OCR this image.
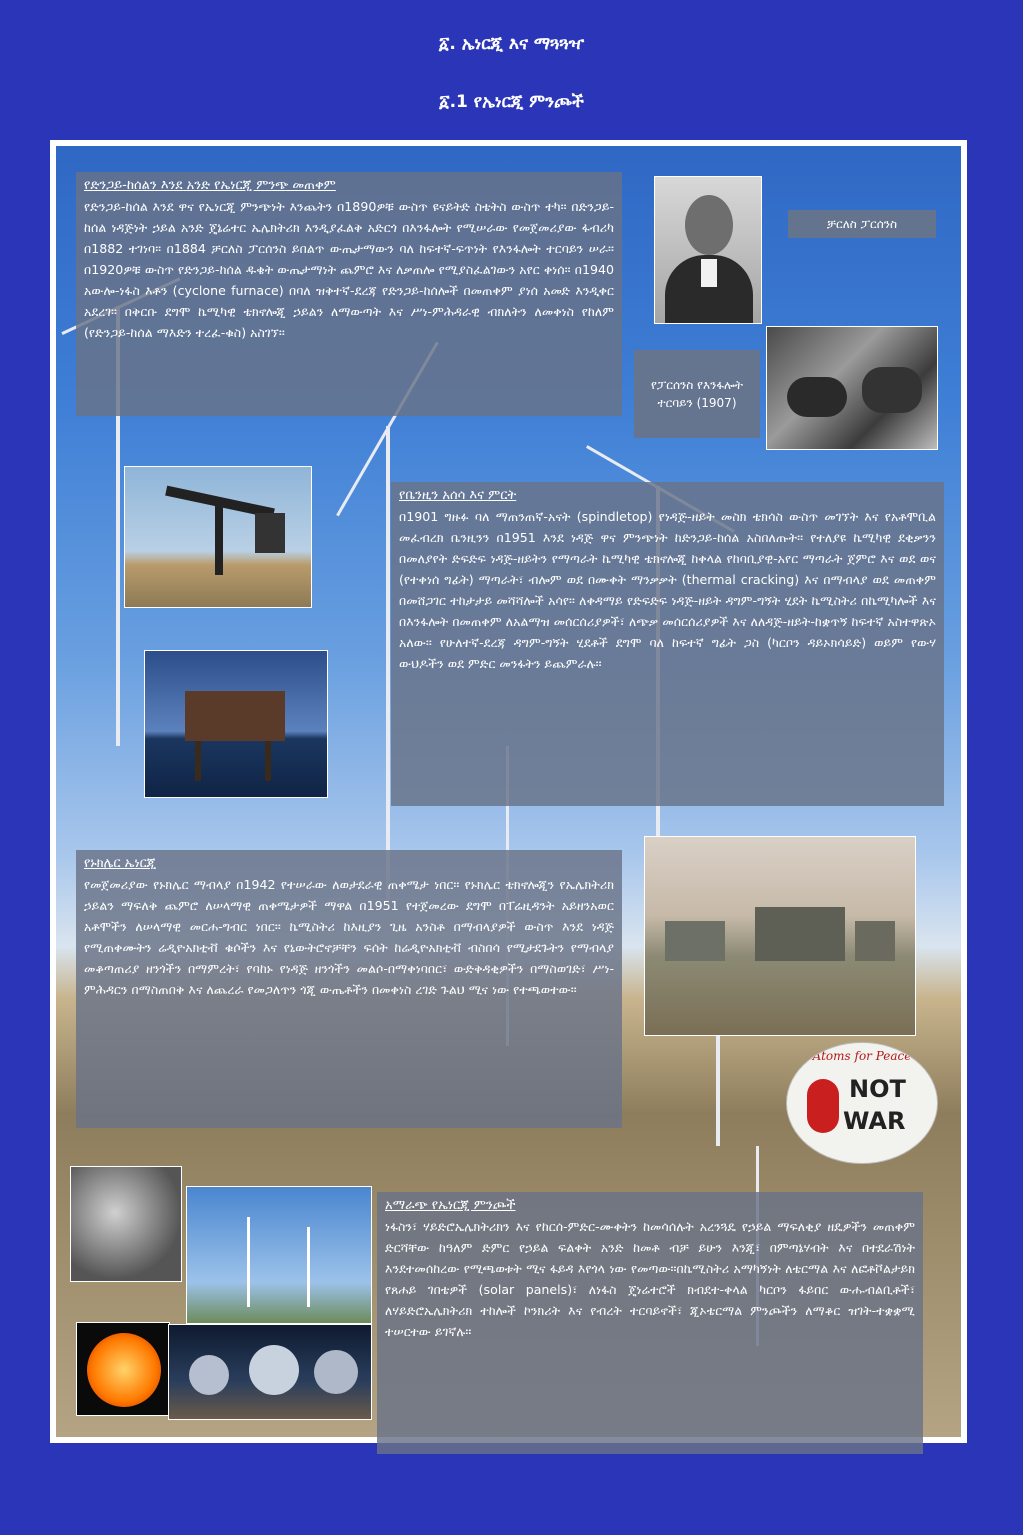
፩. ኤነርጂ እና ማጓጓዣ
፩.1 የኤነርጂ ምንጮች
የድንጋይ-ከሰልን እንደ አንድ የኤነርጂ ምንጭ መጠቀም

የድንጋይ-ከሰል እንደ ዋና የኤነርጂ ምንጭነት እንጨትን በ1890ዎቹ ውስጥ ዩናይትድ ስቴትስ ውስጥ ተካ፡፡ በድንጋይ-ከሰል ነዳጅነት ኃይል አንድ ጄኔሬተር ኤሌክትሪክ እንዲያፈልቅ አድርጎ በእንፋሎት የሚሠራው የመጀመሪያው ፋብሪካ በ1882 ተገነባ፡፡ በ1884 ቻርለስ ፓርሰንስ ይበልጥ ውጤታማውን ባለ ከፍተኛ-ፍጥነት የእንፋሎት ተርባይን ሠራ፡፡ በ1920ዎቹ ውስጥ የድንጋይ-ከሰል ዱቄት ውጤታማነት ጨምሮ እና ለቃጠሎ የሚያስፈልገውን አየር ቀነሰ፡፡ በ1940 አውሎ-ነፋስ እቶን (cyclone furnace) በባለ ዝቅተኛ-ደረጃ የድንጋይ-ከሰሎች በመጠቀም ያነሰ አመድ እንዲቀር አደረገ፡፡ በቅርቡ ደግሞ ኬሚካዊ ቴክኖሎጂ ኃይልን ለማውጣት እና ሥነ-ምሕዳራዊ ብክለትን ለመቀነስ የከለም (የድንጋይ-ከሰል ማእድን ተረፈ-ቁስ) አስገኘ፡፡

ቻርለስ ፓርሰንስ
የፓርሰንስ የእንፋሎት ተርባይን (1907)
የቤንዚን አሰሳ እና ምርት

በ1901 ግዙፉ ባለ ማጠንጠኛ-አናት (spindletop) የነዳጅ-ዘይት መስክ ቴክሳስ ውስጥ መገኘት እና የአቶሞቢል መፈብረክ ቤንዚንን በ1951 እንደ ነዳጅ ዋና ምንጭነት ከድንጋይ-ከሰል አስበለጡት፡፡ የተለያዩ ኬሚካዊ ደቂቃንን በመለያየት ድፍድፍ ነዳጅ-ዘይትን የማጣራት ኬሚካዊ ቴክኖሎጂ ከቀላል የከባቢያዊ-አየር ማጣራት ጀምሮ እና ወደ ወና (የተቀነሰ ግፊት) ማጣራት፣ ብሎም ወደ በሙቀት ማንቃቃት (thermal cracking) እና በማብላያ ወደ መጠቀም በመሸጋገር ተከታታይ መሻሻሎች አሳየ፡፡ ለቀዳማይ የድፍድፍ ነዳጅ-ዘይት ዳግም-ግኝት ሂደት ኬሚስትሪ በኬሚካሎች እና በእንፋሎት በመጠቀም ለአልማዝ መሰርሰሪያዎች፣ ለጭቃ መሰርሰሪያዎች እና ለለዳጅ-ዘይት-ከቋጥኝ ከፍተኛ አስተዋጽኦ አለው፡፡ የሁለተኛ-ደረጃ ዳግም-ግኝት ሂደቶች ደግሞ ባለ ከፍተኛ ግፊት ጋስ (ካርቦን ዳይኦክሳይድ) ወይም የውሃ ውህዶችን ወደ ምድር መንፋትን ይጨምራሉ፡፡

የኑክሌር ኤነርጂ

የመጀመሪያው የኑክሌር ማብላያ በ1942 የተሠራው ለወታደራዊ ጠቀሜታ ነበር፡፡ የኑክሌር ቴክኖሎጂን የኤሌክትሪክ ኃይልን ማፍለቅ ጨምሮ ለሠላማዊ ጠቀሜታዎች ማዋል በ1951 የተጀመረው ደግሞ በፐሬዚዳንት አይዘንአወር አቶሞችን ለሠላማዊ መርሐ-ግብር ነበር፡፡ ኬሚስትሪ ከእዚያን ጊዜ አንስቶ በማብላያዎች ውስጥ እንደ ነዳጅ የሚጠቀሙትን ሬዲዮአክቲቭ ቁሶችን እና የኒውትሮኖቻቸን ፍሰት ከሬዲዮአክቲቭ ብስበሳ የሚታደጉትን የማብላያ መቆጣጠሪያ ዘንጎችን በማምረት፣ የባከኑ የነዳጅ ዘንጎችን መልሶ-በማቀነባበር፣ ውድቅዳቂዎችን በማስወገድ፣ ሥነ-ምሕዳርን በማስጠበቅ እና ለጨረራ የመጋለጥን ጎጂ ውጤቶችን በመቀነስ ረገድ ጉልህ ሚና ነው የተጫወተው፡፡

Atoms for Peace
NOT
WAR
አማራጭ የኤነርጂ ምንጮች

ነፋስን፣ ሃይድሮኤሌክትሪክን እና የከርሰ-ምድር-ሙቀትን ከመሳሰሉት አረንጓዴ የኃይል ማፍለቂያ ዘዴዎችን መጠቀም ድርሻቸው ከዓለም ድምር የኃይል ፍልቀት አንድ ከመቶ ብቻ ይሁን እንጂ፣ በምጣኔሃብት እና በተደራሽነት እንደተመሰከረው የሚጫወቱት ሚና ፋይዳ እየጎላ ነው የመጣው፡፡በኬሚስትሪ አማካኝነት ለቴርማል እና ለፎቶቮልታይክ የጸሐይ ገበቴዎች (solar panels)፣ ለነፋስ ጄነሬተሮች ክብደተ-ቀላል ካርቦን ፋይበር ውሑብልቢቶች፣ ለሃይድሮኤሌክትሪክ ተከሎች ኮንክሪት እና የብረት ተርባይኖች፣ ጂኦቴርማል ምንጮችን ለማቆር ዝገት-ተቋቋሚ ተሠርተው ይገኛሉ፡፡
